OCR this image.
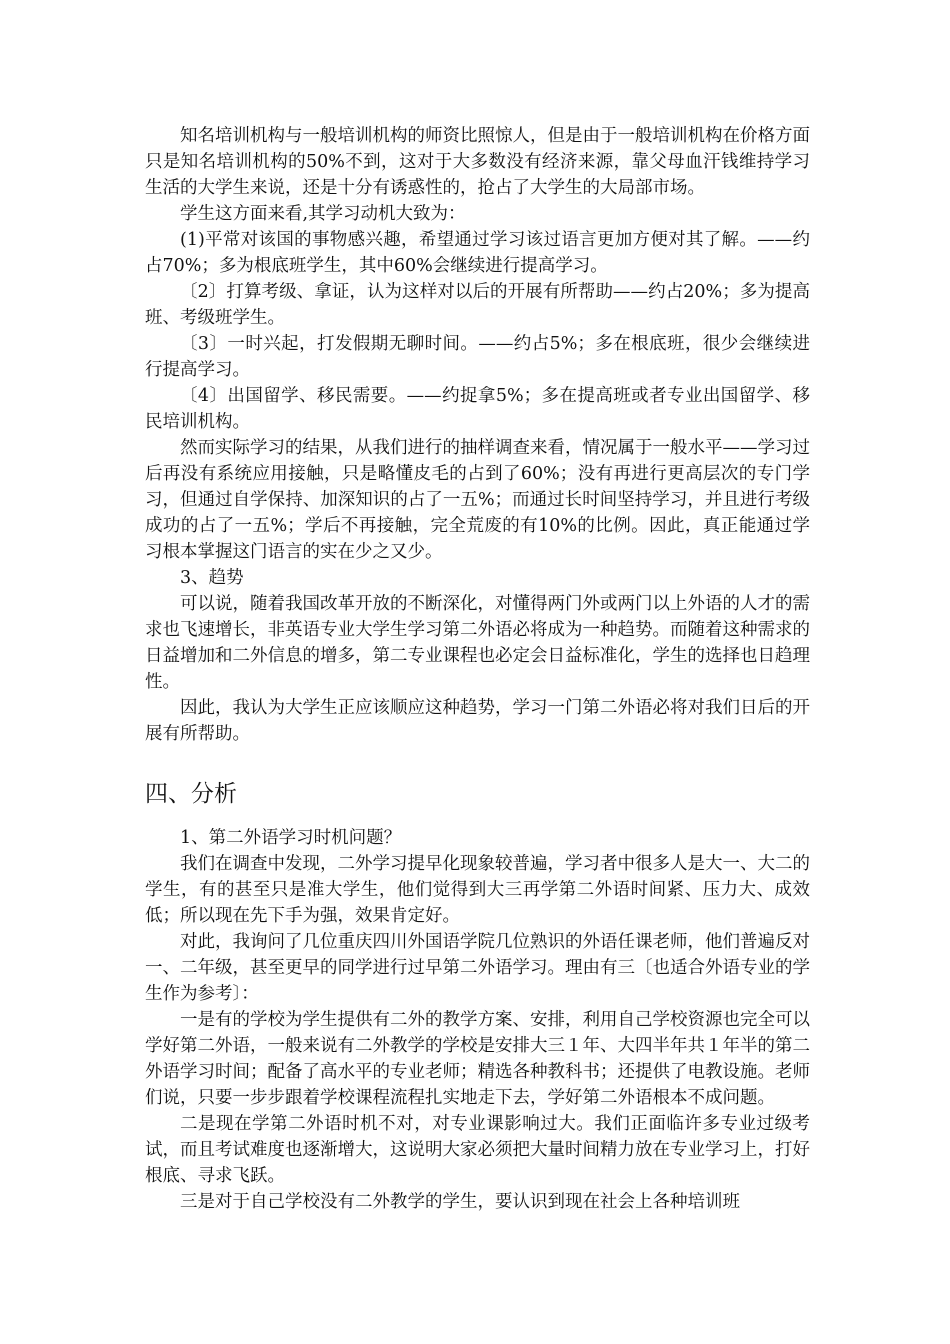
知名培训机构与一般培训机构的师资比照惊人，但是由于一般培训机构在价格方面只是知名培训机构的50%不到，这对于大多数没有经济来源，靠父母血汗钱维持学习生活的大学生来说，还是十分有诱惑性的，抢占了大学生的大局部市场。

学生这方面来看,其学习动机大致为：

(1)平常对该国的事物感兴趣，希望通过学习该过语言更加方便对其了解。——约占70%；多为根底班学生，其中60%会继续进行提高学习。

〔2〕打算考级、拿证，认为这样对以后的开展有所帮助——约占20%；多为提高班、考级班学生。

〔3〕一时兴起，打发假期无聊时间。——约占5%；多在根底班，很少会继续进行提高学习。

〔4〕出国留学、移民需要。——约捉拿5%；多在提高班或者专业出国留学、移民培训机构。

然而实际学习的结果，从我们进行的抽样调查来看，情况属于一般水平——学习过后再没有系统应用接触，只是略懂皮毛的占到了60%；没有再进行更高层次的专门学习，但通过自学保持、加深知识的占了一五%；而通过长时间坚持学习，并且进行考级成功的占了一五%；学后不再接触，完全荒废的有10%的比例。因此，真正能通过学习根本掌握这门语言的实在少之又少。

3、趋势

可以说，随着我国改革开放的不断深化，对懂得两门外或两门以上外语的人才的需求也飞速增长，非英语专业大学生学习第二外语必将成为一种趋势。而随着这种需求的日益增加和二外信息的增多，第二专业课程也必定会日益标准化，学生的选择也日趋理性。

因此，我认为大学生正应该顺应这种趋势，学习一门第二外语必将对我们日后的开展有所帮助。

四、分析

1、第二外语学习时机问题？

我们在调查中发现，二外学习提早化现象较普遍，学习者中很多人是大一、大二的学生，有的甚至只是准大学生，他们觉得到大三再学第二外语时间紧、压力大、成效低；所以现在先下手为强，效果肯定好。

对此，我询问了几位重庆四川外国语学院几位熟识的外语任课老师，他们普遍反对一、二年级，甚至更早的同学进行过早第二外语学习。理由有三〔也适合外语专业的学生作为参考〕：

一是有的学校为学生提供有二外的教学方案、安排，利用自己学校资源也完全可以学好第二外语，一般来说有二外教学的学校是安排大三１年、大四半年共１年半的第二外语学习时间；配备了高水平的专业老师；精选各种教科书；还提供了电教设施。老师们说，只要一步步跟着学校课程流程扎实地走下去，学好第二外语根本不成问题。

二是现在学第二外语时机不对，对专业课影响过大。我们正面临许多专业过级考试，而且考试难度也逐渐增大，这说明大家必须把大量时间精力放在专业学习上，打好根底、寻求飞跃。

三是对于自己学校没有二外教学的学生，要认识到现在社会上各种培训班
